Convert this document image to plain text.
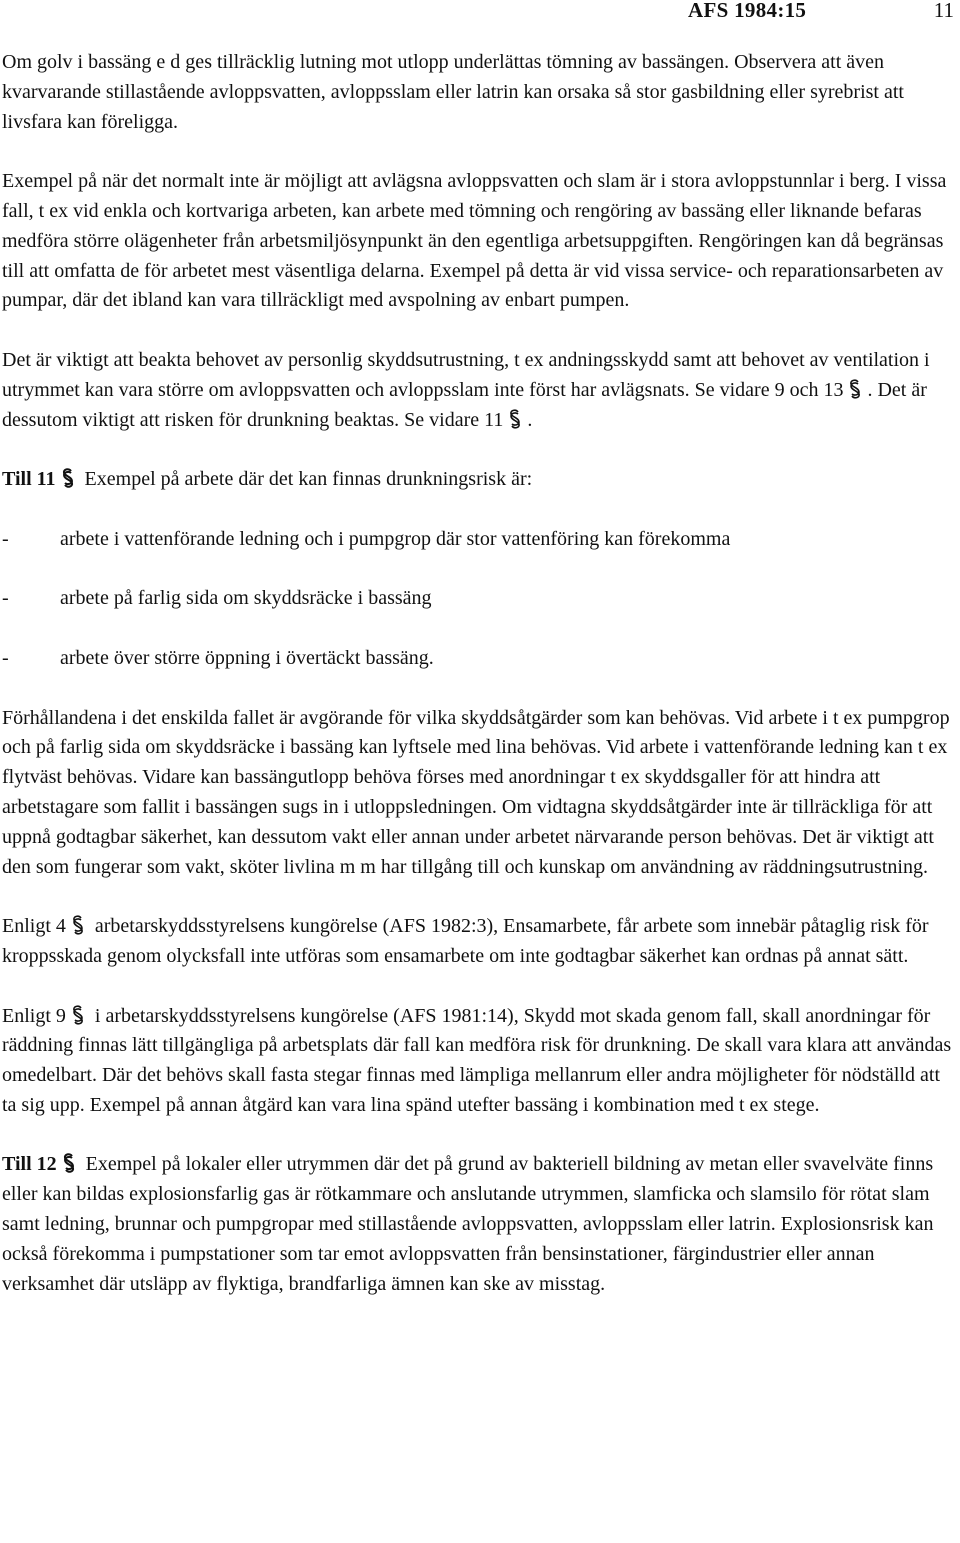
AFS 1984:15	11

Om golv i bassäng e d ges tillräcklig lutning mot utlopp underlättas tömning av bassängen. Observera att även kvarvarande stillastående avloppsvatten, avloppsslam eller latrin kan orsaka så stor gasbildning eller syrebrist att livsfara kan föreligga.

Exempel på när det normalt inte är möjligt att avlägsna avloppsvatten och slam är i stora avloppstunnlar i berg. I vissa fall, t ex vid enkla och kortvariga arbeten, kan arbete med tömning och rengöring av bassäng eller liknande befaras medföra större olägenheter från arbetsmiljösynpunkt än den egentliga arbetsuppgiften. Rengöringen kan då begränsas till att omfatta de för arbetet mest väsentliga delarna. Exempel på detta är vid vissa service- och reparationsarbeten av pumpar, där det ibland kan vara tillräckligt med avspolning av enbart pumpen.

Det är viktigt att beakta behovet av personlig skyddsutrustning, t ex andningsskydd samt att behovet av ventilation i utrymmet kan vara större om avloppsvatten och avloppsslam inte först har avlägsnats. Se vidare 9 och 13 . Det är dessutom viktigt att risken för drunkning beaktas. Se vidare 11 .

Till 11 Exempel på arbete där det kan finnas drunkningsrisk är:

-	arbete i vattenförande ledning och i pumpgrop där stor vattenföring kan förekomma
-	arbete på farlig sida om skyddsräcke i bassäng
-	arbete över större öppning i övertäckt bassäng.

Förhållandena i det enskilda fallet är avgörande för vilka skyddsåtgärder som kan behövas. Vid arbete i t ex pumpgrop och på farlig sida om skyddsräcke i bassäng kan lyftsele med lina behövas. Vid arbete i vattenförande ledning kan t ex flytväst behövas. Vidare kan bassängutlopp behöva förses med anordningar t ex skyddsgaller för att hindra att arbetstagare som fallit i bassängen sugs in i utloppsledningen. Om vidtagna skyddsåtgärder inte är tillräckliga för att uppnå godtagbar säkerhet, kan dessutom vakt eller annan under arbetet närvarande person behövas. Det är viktigt att den som fungerar som vakt, sköter livlina m m har tillgång till och kunskap om användning av räddningsutrustning.

Enligt 4 arbetarskyddsstyrelsens kungörelse (AFS 1982:3), Ensamarbete, får arbete som innebär påtaglig risk för kroppsskada genom olycksfall inte utföras som ensamarbete om inte godtagbar säkerhet kan ordnas på annat sätt.

Enligt 9 i arbetarskyddsstyrelsens kungörelse (AFS 1981:14), Skydd mot skada genom fall, skall anordningar för räddning finnas lätt tillgängliga på arbetsplats där fall kan medföra risk för drunkning. De skall vara klara att användas omedelbart. Där det behövs skall fasta stegar finnas med lämpliga mellanrum eller andra möjligheter för nödställd att ta sig upp. Exempel på annan åtgärd kan vara lina spänd utefter bassäng i kombination med t ex stege.

Till 12 Exempel på lokaler eller utrymmen där det på grund av bakteriell bildning av metan eller svavelväte finns eller kan bildas explosionsfarlig gas är rötkammare och anslutande utrymmen, slamficka och slamsilo för rötat slam samt ledning, brunnar och pumpgropar med stillastående avloppsvatten, avloppsslam eller latrin. Explosionsrisk kan också förekomma i pumpstationer som tar emot avloppsvatten från bensinstationer, färgindustrier eller annan verksamhet där utsläpp av flyktiga, brandfarliga ämnen kan ske av misstag.
